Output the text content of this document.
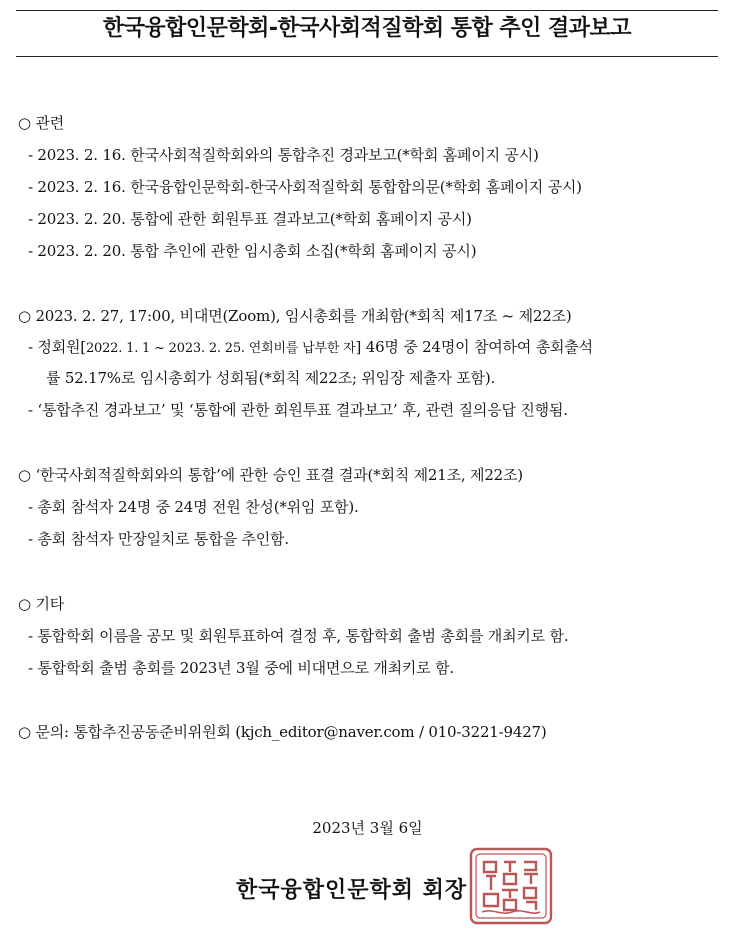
한국융합인문학회-한국사회적질학회 통합 추인 결과보고
○ 관련
- 2023. 2. 16. 한국사회적질학회와의 통합추진 경과보고(*학회 홈페이지 공시)
- 2023. 2. 16. 한국융합인문학회-한국사회적질학회 통합합의문(*학회 홈페이지 공시)
- 2023. 2. 20. 통합에 관한 회원투표 결과보고(*학회 홈페이지 공시)
- 2023. 2. 20. 통합 추인에 관한 임시총회 소집(*학회 홈페이지 공시)
○ 2023. 2. 27, 17:00, 비대면(Zoom), 임시총회를 개최함(*회칙 제17조 ~ 제22조)
- 정회원[2022. 1. 1 ~ 2023. 2. 25. 연회비를 납부한 자] 46명 중 24명이 참여하여 총회출석
률 52.17%로 임시총회가 성회됨(*회칙 제22조; 위임장 제출자 포함).
- ‘통합추진 경과보고’ 및 ‘통합에 관한 회원투표 결과보고’ 후, 관련 질의응답 진행됨.
○ ‘한국사회적질학회와의 통합’에 관한 승인 표결 결과(*회칙 제21조, 제22조)
- 총회 참석자 24명 중 24명 전원 찬성(*위임 포함).
- 총회 참석자 만장일치로 통합을 추인함.
○ 기타
- 통합학회 이름을 공모 및 회원투표하여 결정 후, 통합학회 출범 총회를 개최키로 함.
- 통합학회 출범 총회를 2023년 3월 중에 비대면으로 개최키로 함.
○ 문의: 통합추진공동준비위원회 (kjch_editor@naver.com / 010-3221-9427)
2023년 3월 6일
한국융합인문학회 회장
